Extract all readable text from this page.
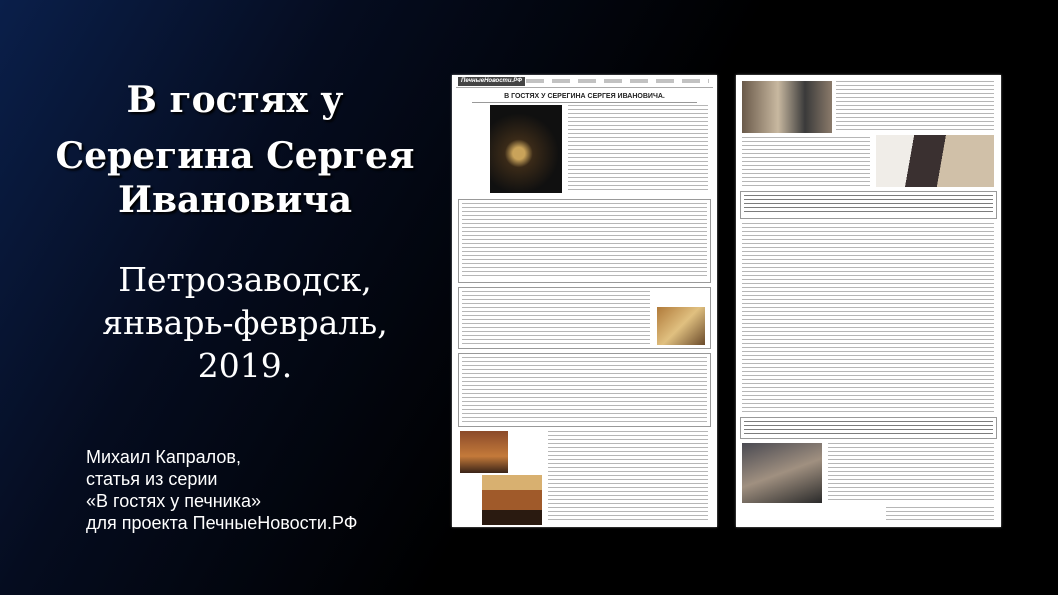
В гостях у
Серегина Сергея
Ивановича
Петрозаводск,
январь-февраль,
2019.
Михаил Капралов,
статья из серии
«В гостях у печника»
для проекта ПечныеНовости.РФ
ПечныеНовости.РФ
В ГОСТЯХ У СЕРЕГИНА СЕРГЕЯ ИВАНОВИЧА.
